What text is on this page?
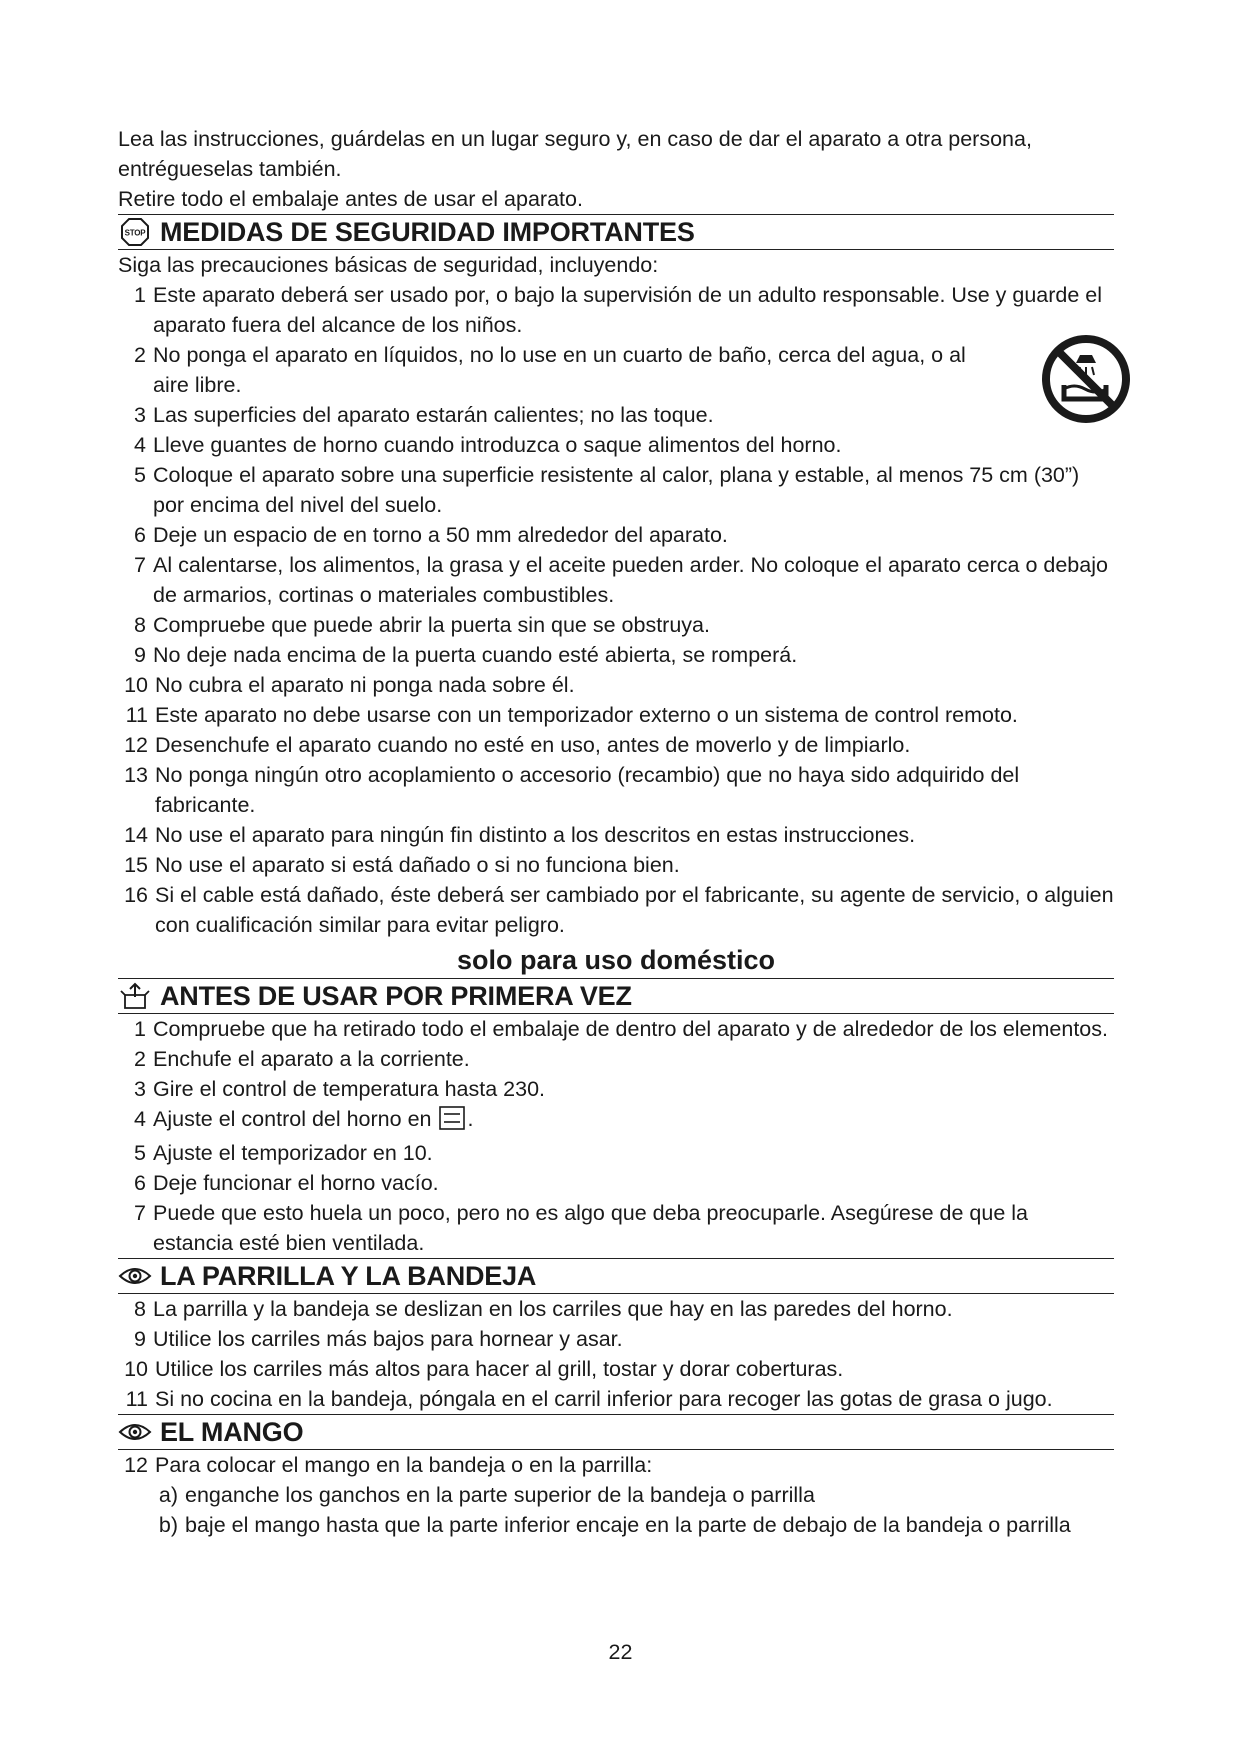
Lea las instrucciones, guárdelas en un lugar seguro y, en caso de dar el aparato a otra persona, entrégueselas también.

Retire todo el embalaje antes de usar el aparato.

STOP MEDIDAS DE SEGURIDAD IMPORTANTES

Siga las precauciones básicas de seguridad, incluyendo:

1 Este aparato deberá ser usado por, o bajo la supervisión de un adulto responsable. Use y guarde el aparato fuera del alcance de los niños.
2 No ponga el aparato en líquidos, no lo use en un cuarto de baño, cerca del agua, o al aire libre.
3 Las superficies del aparato estarán calientes; no las toque.
4 Lleve guantes de horno cuando introduzca o saque alimentos del horno.
5 Coloque el aparato sobre una superficie resistente al calor, plana y estable, al menos 75 cm (30”) por encima del nivel del suelo.
6 Deje un espacio de en torno a 50 mm alrededor del aparato.
7 Al calentarse, los alimentos, la grasa y el aceite pueden arder. No coloque el aparato cerca o debajo de armarios, cortinas o materiales combustibles.
8 Compruebe que puede abrir la puerta sin que se obstruya.
9 No deje nada encima de la puerta cuando esté abierta, se romperá.
10 No cubra el aparato ni ponga nada sobre él.
11 Este aparato no debe usarse con un temporizador externo o un sistema de control remoto.
12 Desenchufe el aparato cuando no esté en uso, antes de moverlo y de limpiarlo.
13 No ponga ningún otro acoplamiento o accesorio (recambio) que no haya sido adquirido del fabricante.
14 No use el aparato para ningún fin distinto a los descritos en estas instrucciones.
15 No use el aparato si está dañado o si no funciona bien.
16 Si el cable está dañado, éste deberá ser cambiado por el fabricante, su agente de servicio, o alguien con cualificación similar para evitar peligro.

solo para uso doméstico

ANTES DE USAR POR PRIMERA VEZ
1 Compruebe que ha retirado todo el embalaje de dentro del aparato y de alrededor de los elementos.
2 Enchufe el aparato a la corriente.
3 Gire el control de temperatura hasta 230.
4 Ajuste el control del horno en .
5 Ajuste el temporizador en 10.
6 Deje funcionar el horno vacío.
7 Puede que esto huela un poco, pero no es algo que deba preocuparle. Asegúrese de que la estancia esté bien ventilada.
LA PARRILLA Y LA BANDEJA
8 La parrilla y la bandeja se deslizan en los carriles que hay en las paredes del horno.
9 Utilice los carriles más bajos para hornear y asar.
10 Utilice los carriles más altos para hacer al grill, tostar y dorar coberturas.
11 Si no cocina en la bandeja, póngala en el carril inferior para recoger las gotas de grasa o jugo.
EL MANGO
12 Para colocar el mango en la bandeja o en la parrilla:
a) enganche los ganchos en la parte superior de la bandeja o parrilla
b) baje el mango hasta que la parte inferior encaje en la parte de debajo de la bandeja o parrilla
22
